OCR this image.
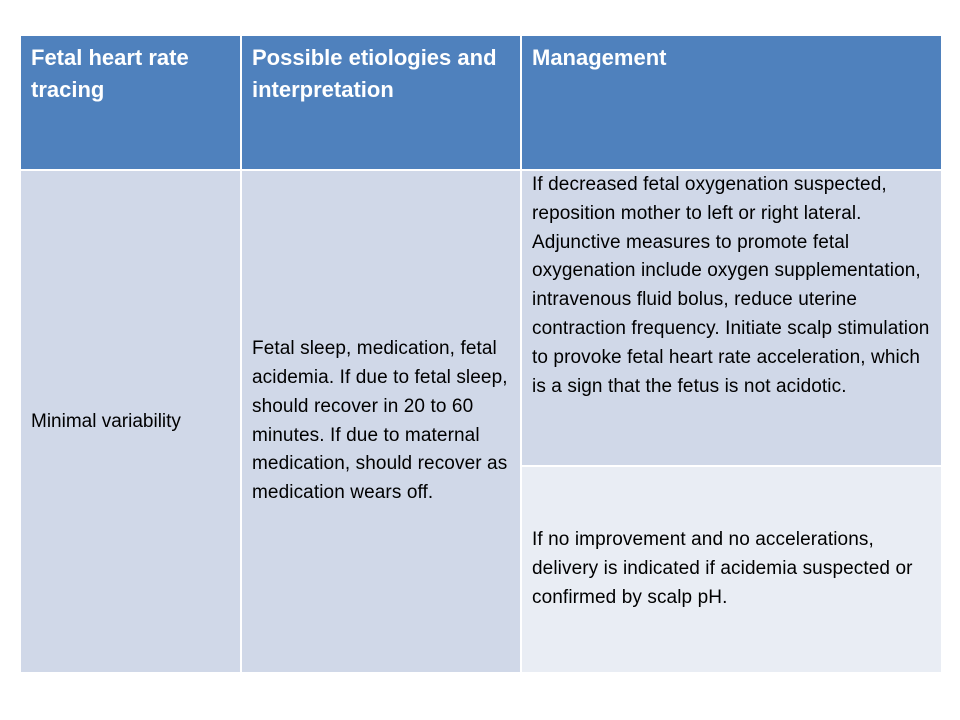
Fetal heart rate tracing	Possible etiologies and interpretation	Management
Minimal variability	Fetal sleep, medication, fetal acidemia. If due to fetal sleep, should recover in 20 to 60 minutes. If due to maternal medication, should recover as medication wears off.	If decreased fetal oxygenation suspected, reposition mother to left or right lateral. Adjunctive measures to promote fetal oxygenation include oxygen supplementation, intravenous fluid bolus, reduce uterine contraction frequency. Initiate scalp stimulation to provoke fetal heart rate acceleration, which is a sign that the fetus is not acidotic.
		If no improvement and no accelerations, delivery is indicated if acidemia suspected or confirmed by scalp pH.
